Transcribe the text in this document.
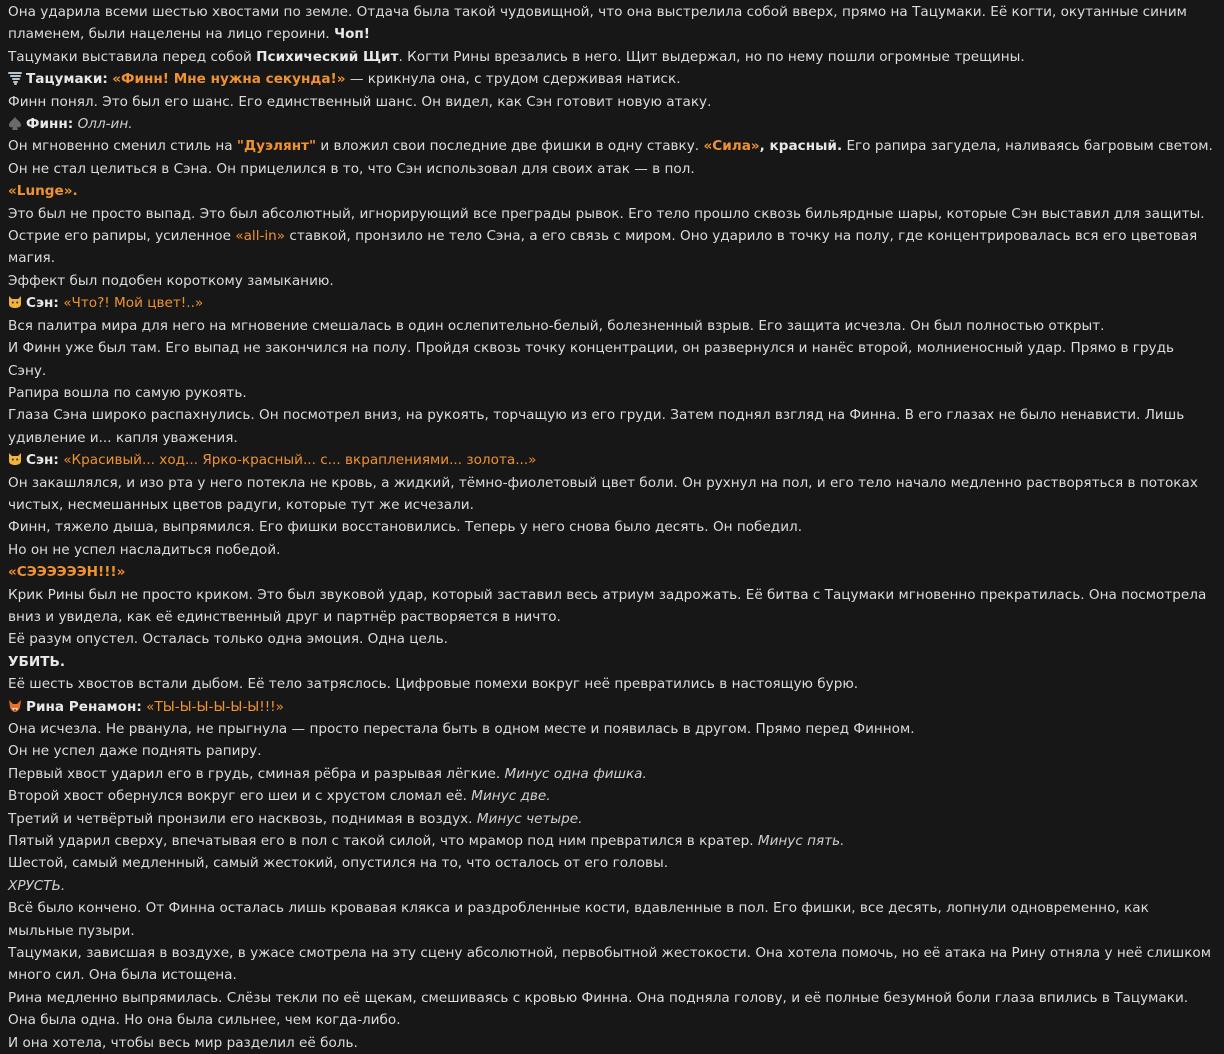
Она ударила всеми шестью хвостами по земле. Отдача была такой чудовищной, что она выстрелила собой вверх, прямо на Тацумаки. Её когти, окутанные синим пламенем, были нацелены на лицо героини. Чоп!

Тацумаки выставила перед собой Психический Щит. Когти Рины врезались в него. Щит выдержал, но по нему пошли огромные трещины.

Тацумаки: «Финн! Мне нужна секунда!» — крикнула она, с трудом сдерживая натиск.

Финн понял. Это был его шанс. Его единственный шанс. Он видел, как Сэн готовит новую атаку.

Финн: Олл-ин.

Он мгновенно сменил стиль на "Дуэлянт" и вложил свои последние две фишки в одну ставку. «Сила», красный. Его рапира загудела, наливаясь багровым светом. Он не стал целиться в Сэна. Он прицелился в то, что Сэн использовал для своих атак — в пол.

«Lunge».

Это был не просто выпад. Это был абсолютный, игнорирующий все преграды рывок. Его тело прошло сквозь бильярдные шары, которые Сэн выставил для защиты. Острие его рапиры, усиленное «all-in» ставкой, пронзило не тело Сэна, а его связь с миром. Оно ударило в точку на полу, где концентрировалась вся его цветовая магия.

Эффект был подобен короткому замыканию.

Сэн: «Что?! Мой цвет!..»

Вся палитра мира для него на мгновение смешалась в один ослепительно-белый, болезненный взрыв. Его защита исчезла. Он был полностью открыт.

И Финн уже был там. Его выпад не закончился на полу. Пройдя сквозь точку концентрации, он развернулся и нанёс второй, молниеносный удар. Прямо в грудь Сэну.

Рапира вошла по самую рукоять.

Глаза Сэна широко распахнулись. Он посмотрел вниз, на рукоять, торчащую из его груди. Затем поднял взгляд на Финна. В его глазах не было ненависти. Лишь удивление и... капля уважения.

Сэн: «Красивый... ход... Ярко-красный... с... вкраплениями... золота...»

Он закашлялся, и изо рта у него потекла не кровь, а жидкий, тёмно-фиолетовый цвет боли. Он рухнул на пол, и его тело начало медленно растворяться в потоках чистых, несмешанных цветов радуги, которые тут же исчезали.

Финн, тяжело дыша, выпрямился. Его фишки восстановились. Теперь у него снова было десять. Он победил.

Но он не успел насладиться победой.

«СЭЭЭЭЭЭН!!!»

Крик Рины был не просто криком. Это был звуковой удар, который заставил весь атриум задрожать. Её битва с Тацумаки мгновенно прекратилась. Она посмотрела вниз и увидела, как её единственный друг и партнёр растворяется в ничто.

Её разум опустел. Осталась только одна эмоция. Одна цель.

УБИТЬ.

Её шесть хвостов встали дыбом. Её тело затряслось. Цифровые помехи вокруг неё превратились в настоящую бурю.

Рина Ренамон: «ТЫ-Ы-Ы-Ы-Ы-Ы!!!»

Она исчезла. Не рванула, не прыгнула — просто перестала быть в одном месте и появилась в другом. Прямо перед Финном.

Он не успел даже поднять рапиру.

Первый хвост ударил его в грудь, сминая рёбра и разрывая лёгкие. Минус одна фишка.

Второй хвост обернулся вокруг его шеи и с хрустом сломал её. Минус две.

Третий и четвёртый пронзили его насквозь, поднимая в воздух. Минус четыре.

Пятый ударил сверху, впечатывая его в пол с такой силой, что мрамор под ним превратился в кратер. Минус пять.

Шестой, самый медленный, самый жестокий, опустился на то, что осталось от его головы.

ХРУСТЬ.

Всё было кончено. От Финна осталась лишь кровавая клякса и раздробленные кости, вдавленные в пол. Его фишки, все десять, лопнули одновременно, как мыльные пузыри.

Тацумаки, зависшая в воздухе, в ужасе смотрела на эту сцену абсолютной, первобытной жестокости. Она хотела помочь, но её атака на Рину отняла у неё слишком много сил. Она была истощена.

Рина медленно выпрямилась. Слёзы текли по её щекам, смешиваясь с кровью Финна. Она подняла голову, и её полные безумной боли глаза впились в Тацумаки.

Она была одна. Но она была сильнее, чем когда-либо.

И она хотела, чтобы весь мир разделил её боль.
